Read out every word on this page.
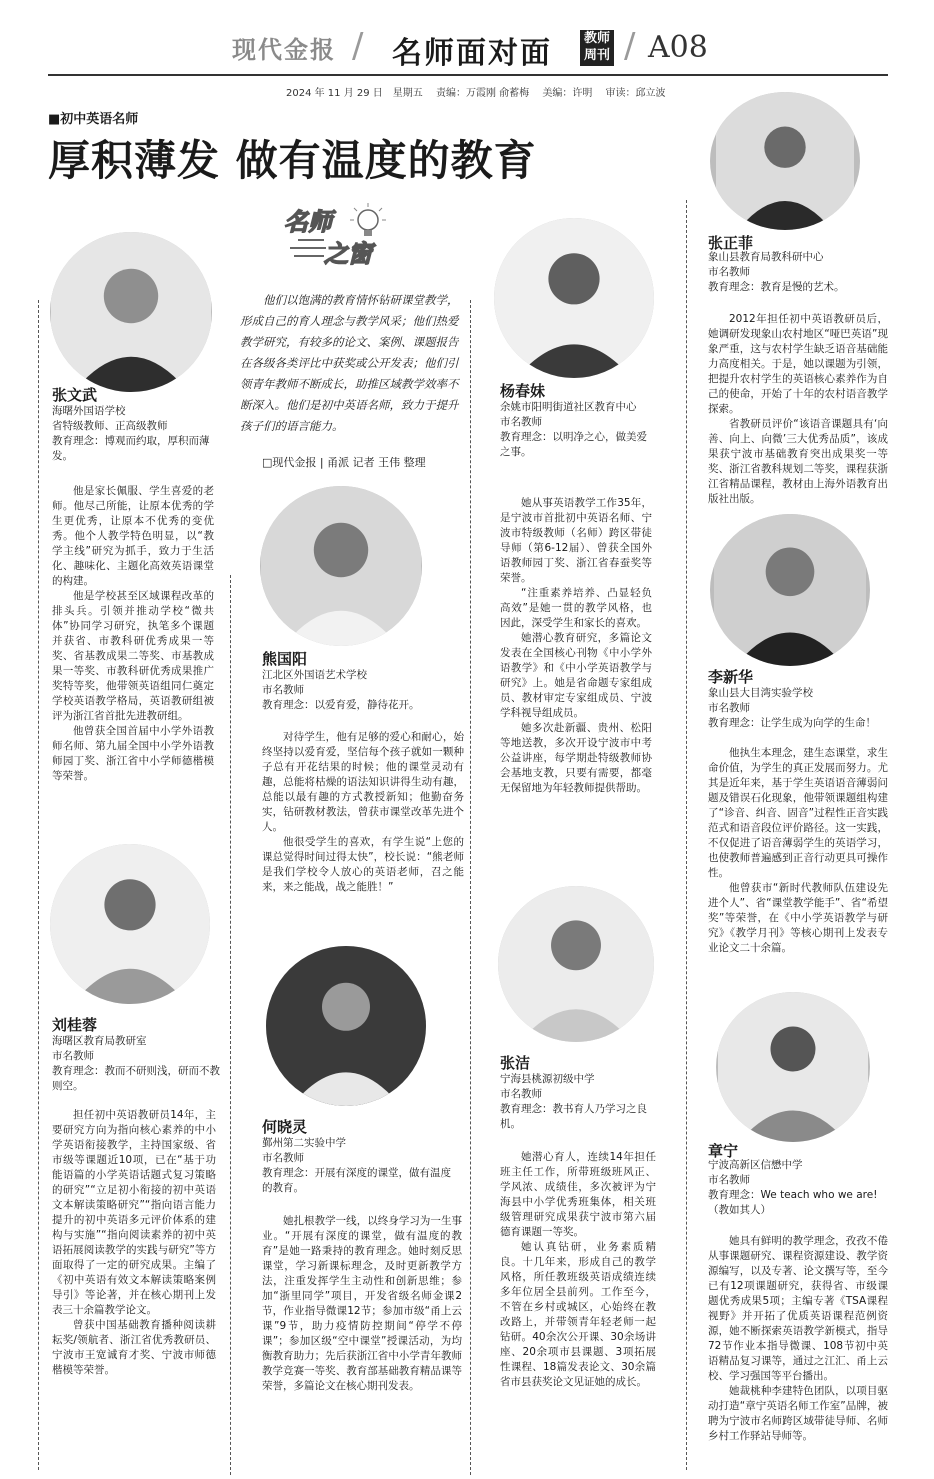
现代金报 / 名师面对面	教师
周刊 / A08
2024 年 11 月 29 日　星期五 责编：万霞刚 俞蓄梅 美编：许明 审读：邱立波
■初中英语名师
厚积薄发 做有温度的教育
名师
之窗
他们以饱满的教育情怀钻研课堂教学，形成自己的育人理念与教学风采；他们热爱教学研究，有较多的论文、案例、课题报告在各级各类评比中获奖或公开发表；他们引领青年教师不断成长，助推区域教学效率不断深入。他们是初中英语名师，致力于提升孩子们的语言能力。
□现代金报 | 甬派 记者 王伟 整理
张文武
海曙外国语学校
省特级教师、正高级教师
教育理念：博观而约取，厚积而薄发。

他是家长佩服、学生喜爱的老师。他尽己所能，让原本优秀的学生更优秀，让原本不优秀的变优秀。他个人教学特色明显，以“教学主线”研究为抓手，致力于生活化、趣味化、主题化高效英语课堂的构建。

他是学校甚至区域课程改革的排头兵。引领并推动学校“微共体”协同学习研究，执笔多个课题并获省、市教科研优秀成果一等奖、省基教成果二等奖、市基教成果一等奖、市教科研优秀成果推广奖特等奖，他带领英语组同仁奠定学校英语教学格局，英语教研组被评为浙江省首批先进教研组。

他曾获全国首届中小学外语教师名师、第九届全国中小学外语教师园丁奖、浙江省中小学师德楷模等荣誉。

刘桂蓉
海曙区教育局教研室
市名教师
教育理念：教而不研则浅，研而不教则空。

担任初中英语教研员14年，主要研究方向为指向核心素养的中小学英语衔接教学，主持国家级、省市级等课题近10项，已在“基于功能语篇的小学英语话题式复习策略的研究”“立足初小衔接的初中英语文本解读策略研究”“指向语言能力提升的初中英语多元评价体系的建构与实施”“指向阅读素养的初中英语拓展阅读教学的实践与研究”等方面取得了一定的研究成果。主编了《初中英语有效文本解读策略案例导引》等论著，并在核心期刊上发表三十余篇教学论文。

曾获中国基础教育播种阅读耕耘奖/领航者、浙江省优秀教研员、宁波市王宽诚育才奖、宁波市师德楷模等荣誉。

熊国阳
江北区外国语艺术学校
市名教师
教育理念：以爱育爱，静待花开。

对待学生，他有足够的爱心和耐心，始终坚持以爱育爱，坚信每个孩子就如一颗种子总有开花结果的时候；他的课堂灵动有趣，总能将枯燥的语法知识讲得生动有趣，总能以最有趣的方式教授新知；他勤奋务实，钻研教材教法，曾获市课堂改革先进个人。

他很受学生的喜欢，有学生说“上您的课总觉得时间过得太快”，校长说：“熊老师是我们学校令人放心的英语老师，召之能来，来之能战，战之能胜！”

何晓灵
鄞州第二实验中学
市名教师
教育理念：开展有深度的课堂，做有温度的教育。

她扎根教学一线，以终身学习为一生事业。“开展有深度的课堂，做有温度的教育”是她一路秉持的教育理念。她时刻反思课堂，学习新课标理念，及时更新教学方法，注重发挥学生主动性和创新思维；参加“浙里同学”项目，开发省级名师金课2节，作业指导微课12节；参加市级“甬上云课”9节，助力疫情防控期间“停学不停课”；参加区级“空中课堂”授课活动，为均衡教育助力；先后获浙江省中小学青年教师教学竞赛一等奖、教育部基础教育精品课等荣誉，多篇论文在核心期刊发表。

杨春妹
余姚市阳明街道社区教育中心
市名教师
教育理念：以明净之心，做美爱之事。

她从事英语教学工作35年，是宁波市首批初中英语名师、宁波市特级教师（名师）跨区带徒导师（第6-12届）、曾获全国外语教师园丁奖、浙江省春蚕奖等荣誉。

“注重素养培养、凸显轻负高效”是她一贯的教学风格，也因此，深受学生和家长的喜欢。

她潜心教育研究，多篇论文发表在全国核心刊物《中小学外语教学》和《中小学英语教学与研究》上。她是省命题专家组成员、教材审定专家组成员、宁波学科视导组成员。

她多次赴新疆、贵州、松阳等地送教，多次开设宁波市中考公益讲座，每学期赴特级教师协会基地支教，只要有需要，都毫无保留地为年轻教师提供帮助。

张洁
宁海县桃源初级中学
市名教师
教育理念：教书育人乃学习之良机。

她潜心育人，连续14年担任班主任工作，所带班级班风正、学风浓、成绩佳，多次被评为宁海县中小学优秀班集体，相关班级管理研究成果获宁波市第六届德育课题一等奖。

她认真钻研，业务素质精良。十几年来，形成自己的教学风格，所任教班级英语成绩连续多年位居全县前列。工作至今，不管在乡村或城区，心始终在教改路上，并带领青年轻老师一起钻研。40余次公开课、30余场讲座、20余项市县课题、3项拓展性课程、18篇发表论文、30余篇省市县获奖论文见证她的成长。

张正菲
象山县教育局教科研中心
市名教师
教育理念：教育是慢的艺术。

2012年担任初中英语教研员后，她调研发现象山农村地区“哑巴英语”现象严重，这与农村学生缺乏语音基础能力高度相关。于是，她以课题为引领，把提升农村学生的英语核心素养作为自己的使命，开始了十年的农村语音教学探索。

省教研员评价“该语音课题具有‘向善、向上、向微’三大优秀品质”，该成果获宁波市基础教育突出成果奖一等奖、浙江省教科规划二等奖，课程获浙江省精品课程，教材由上海外语教育出版社出版。

李新华
象山县大目湾实验学校
市名教师
教育理念：让学生成为向学的生命！

他执生本理念，建生态课堂，求生命价值，为学生的真正发展而努力。尤其是近年来，基于学生英语语音薄弱问题及错误石化现象，他带领课题组构建了“诊音、纠音、固音”过程性正音实践范式和语音段位评价路径。这一实践，不仅促进了语音薄弱学生的英语学习，也使教师普遍感到正音行动更具可操作性。

他曾获市“新时代教师队伍建设先进个人”、省“课堂教学能手”、省“希望奖”等荣誉，在《中小学英语教学与研究》《教学月刊》等核心期刊上发表专业论文二十余篇。

章宁
宁波高新区信懋中学
市名教师
教育理念：We teach who we are!（教如其人）

她具有鲜明的教学理念，孜孜不倦从事课题研究、课程资源建设、教学资源编写，以及专著、论文撰写等，至今已有12项课题研究，获得省、市级课题优秀成果5项；主编专著《TSA课程视野》并开拓了优质英语课程范例资源，她不断探索英语教学新模式，指导72节作业本指导微课、108节初中英语精品复习课等，通过之江汇、甬上云校、学习强国等平台播出。

她裁桃种李建特色团队，以项目驱动打造“章宁英语名师工作室”品牌，被聘为宁波市名师跨区域带徒导师、名师乡村工作驿站导师等。
